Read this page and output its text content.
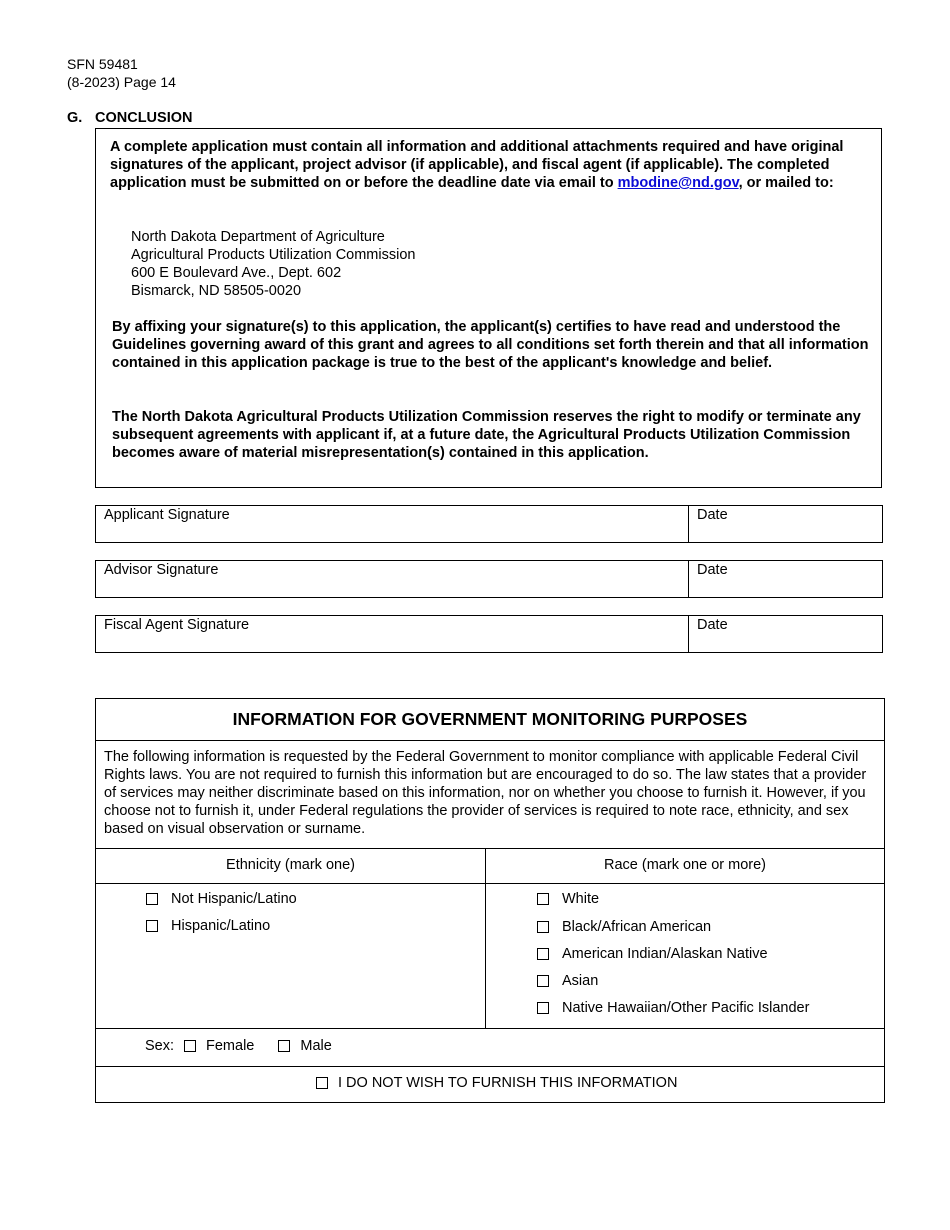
SFN 59481
(8-2023) Page 14
G. CONCLUSION
A complete application must contain all information and additional attachments required and have original signatures of the applicant, project advisor (if applicable), and fiscal agent (if applicable). The completed application must be submitted on or before the deadline date via email to mbodine@nd.gov, or mailed to:
North Dakota Department of Agriculture
Agricultural Products Utilization Commission
600 E Boulevard Ave., Dept. 602
Bismarck, ND 58505-0020
By affixing your signature(s) to this application, the applicant(s) certifies to have read and understood the Guidelines governing award of this grant and agrees to all conditions set forth therein and that all information contained in this application package is true to the best of the applicant's knowledge and belief.
The North Dakota Agricultural Products Utilization Commission reserves the right to modify or terminate any subsequent agreements with applicant if, at a future date, the Agricultural Products Utilization Commission becomes aware of material misrepresentation(s) contained in this application.
Applicant Signature	Date
Advisor Signature	Date
Fiscal Agent Signature	Date
INFORMATION FOR GOVERNMENT MONITORING PURPOSES
The following information is requested by the Federal Government to monitor compliance with applicable Federal Civil Rights laws. You are not required to furnish this information but are encouraged to do so. The law states that a provider of services may neither discriminate based on this information, nor on whether you choose to furnish it. However, if you choose not to furnish it, under Federal regulations the provider of services is required to note race, ethnicity, and sex based on visual observation or surname.
Ethnicity (mark one)	Race (mark one or more)
Not Hispanic/Latino
Hispanic/Latino
White
Black/African American
American Indian/Alaskan Native
Asian
Native Hawaiian/Other Pacific Islander
Sex: Female	Male
I DO NOT WISH TO FURNISH THIS INFORMATION
